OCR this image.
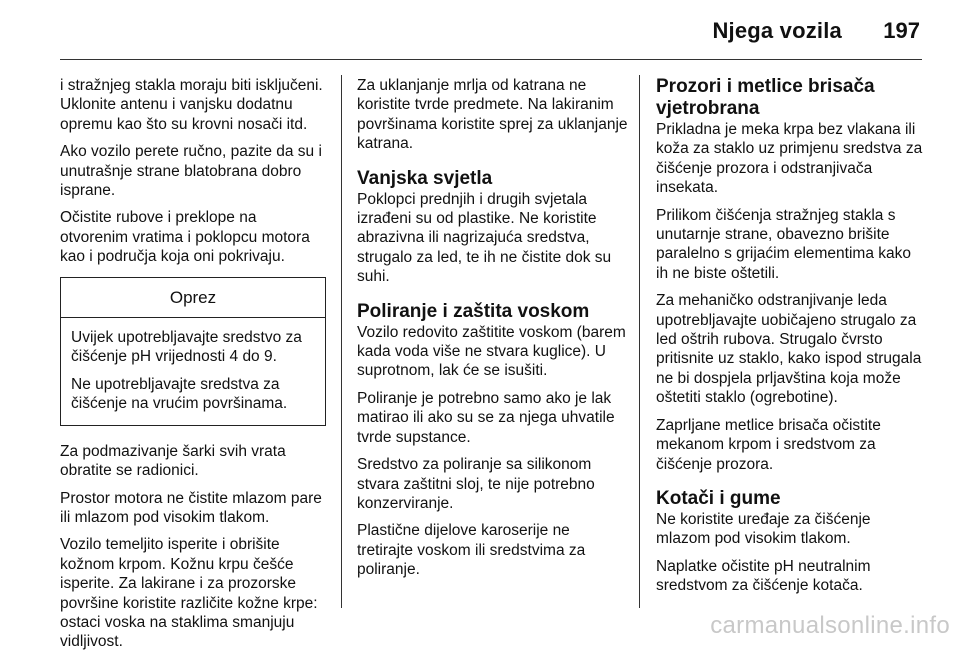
Njega vozila 197

i stražnjeg stakla moraju biti isključeni. Uklonite antenu i vanjsku dodatnu opremu kao što su krovni nosači itd.

Ako vozilo perete ručno, pazite da su i unutrašnje strane blatobrana dobro isprane.

Očistite rubove i preklope na otvorenim vratima i poklopcu motora kao i područja koja oni pokrivaju.

Oprez

Uvijek upotrebljavajte sredstvo za čišćenje pH vrijednosti 4 do 9.

Ne upotrebljavajte sredstva za čišćenje na vrućim površinama.

Za podmazivanje šarki svih vrata obratite se radionici.

Prostor motora ne čistite mlazom pare ili mlazom pod visokim tlakom.

Vozilo temeljito isperite i obrišite kožnom krpom. Kožnu krpu češće isperite. Za lakirane i za prozorske površine koristite različite kožne krpe: ostaci voska na staklima smanjuju vidljivost.

Za uklanjanje mrlja od katrana ne koristite tvrde predmete. Na lakiranim površinama koristite sprej za uklanjanje katrana.

Vanjska svjetla

Poklopci prednjih i drugih svjetala izrađeni su od plastike. Ne koristite abrazivna ili nagrizajuća sredstva, strugalo za led, te ih ne čistite dok su suhi.

Poliranje i zaštita voskom

Vozilo redovito zaštitite voskom (barem kada voda više ne stvara kuglice). U suprotnom, lak će se isušiti.

Poliranje je potrebno samo ako je lak matirao ili ako su se za njega uhvatile tvrde supstance.

Sredstvo za poliranje sa silikonom stvara zaštitni sloj, te nije potrebno konzerviranje.

Plastične dijelove karoserije ne tretirajte voskom ili sredstvima za poliranje.

Prozori i metlice brisača vjetrobrana

Prikladna je meka krpa bez vlakana ili koža za staklo uz primjenu sredstva za čišćenje prozora i odstranjivača insekata.

Prilikom čišćenja stražnjeg stakla s unutarnje strane, obavezno brišite paralelno s grijaćim elementima kako ih ne biste oštetili.

Za mehaničko odstranjivanje leda upotrebljavajte uobičajeno strugalo za led oštrih rubova. Strugalo čvrsto pritisnite uz staklo, kako ispod strugala ne bi dospjela prljavština koja može oštetiti staklo (ogrebotine).

Zaprljane metlice brisača očistite mekanom krpom i sredstvom za čišćenje prozora.

Kotači i gume

Ne koristite uređaje za čišćenje mlazom pod visokim tlakom.

Naplatke očistite pH neutralnim sredstvom za čišćenje kotača.

carmanualsonline.info
